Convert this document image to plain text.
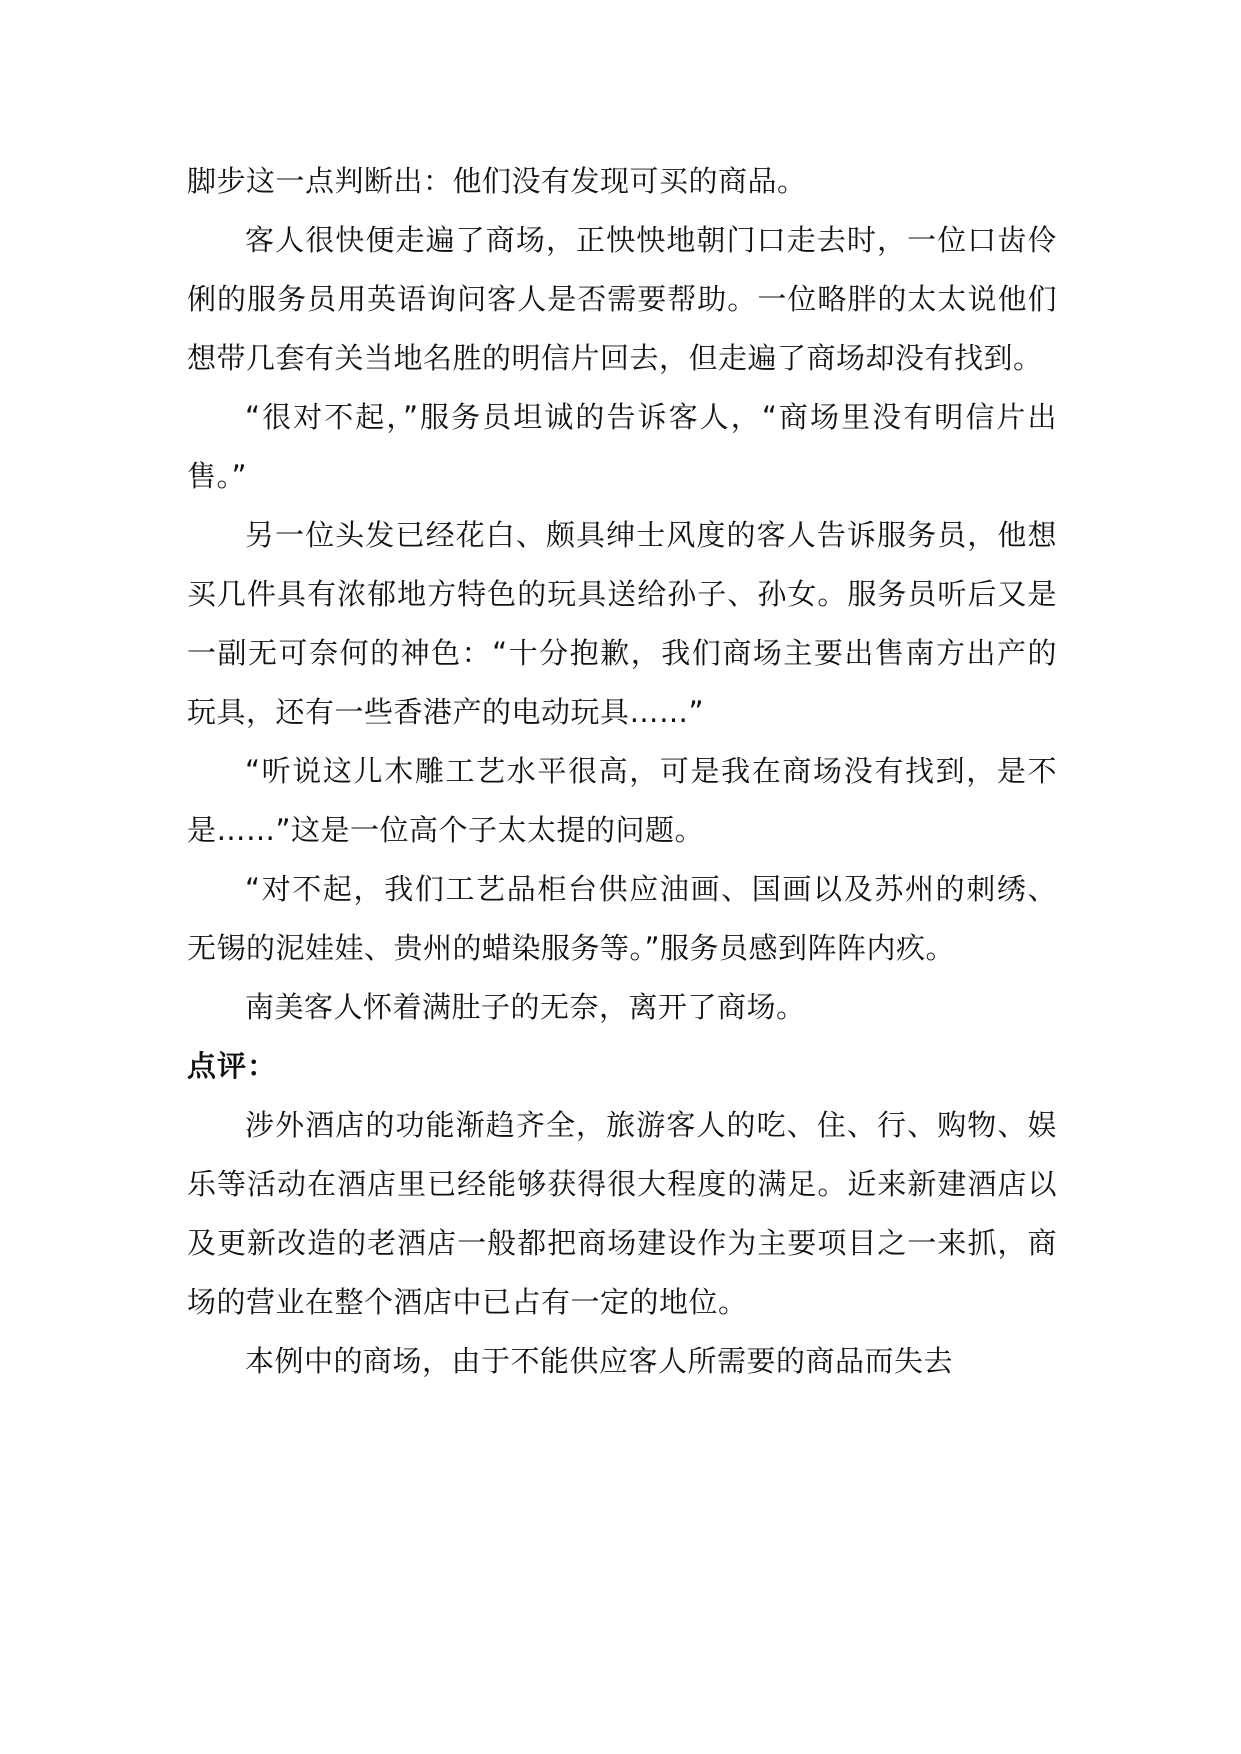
脚步这一点判断出：他们没有发现可买的商品。

客人很快便走遍了商场，正怏怏地朝门口走去时，一位口齿伶俐的服务员用英语询问客人是否需要帮助。一位略胖的太太说他们想带几套有关当地名胜的明信片回去，但走遍了商场却没有找到。

“很对不起，”服务员坦诚的告诉客人，“商场里没有明信片出售。”

另一位头发已经花白、颇具绅士风度的客人告诉服务员，他想买几件具有浓郁地方特色的玩具送给孙子、孙女。服务员听后又是一副无可奈何的神色：“十分抱歉，我们商场主要出售南方出产的玩具，还有一些香港产的电动玩具……”

“听说这儿木雕工艺水平很高，可是我在商场没有找到，是不是……”这是一位高个子太太提的问题。

“对不起，我们工艺品柜台供应油画、国画以及苏州的刺绣、无锡的泥娃娃、贵州的蜡染服务等。”服务员感到阵阵内疚。

南美客人怀着满肚子的无奈，离开了商场。

点评：

涉外酒店的功能渐趋齐全，旅游客人的吃、住、行、购物、娱乐等活动在酒店里已经能够获得很大程度的满足。近来新建酒店以及更新改造的老酒店一般都把商场建设作为主要项目之一来抓，商场的营业在整个酒店中已占有一定的地位。

本例中的商场，由于不能供应客人所需要的商品而失去
